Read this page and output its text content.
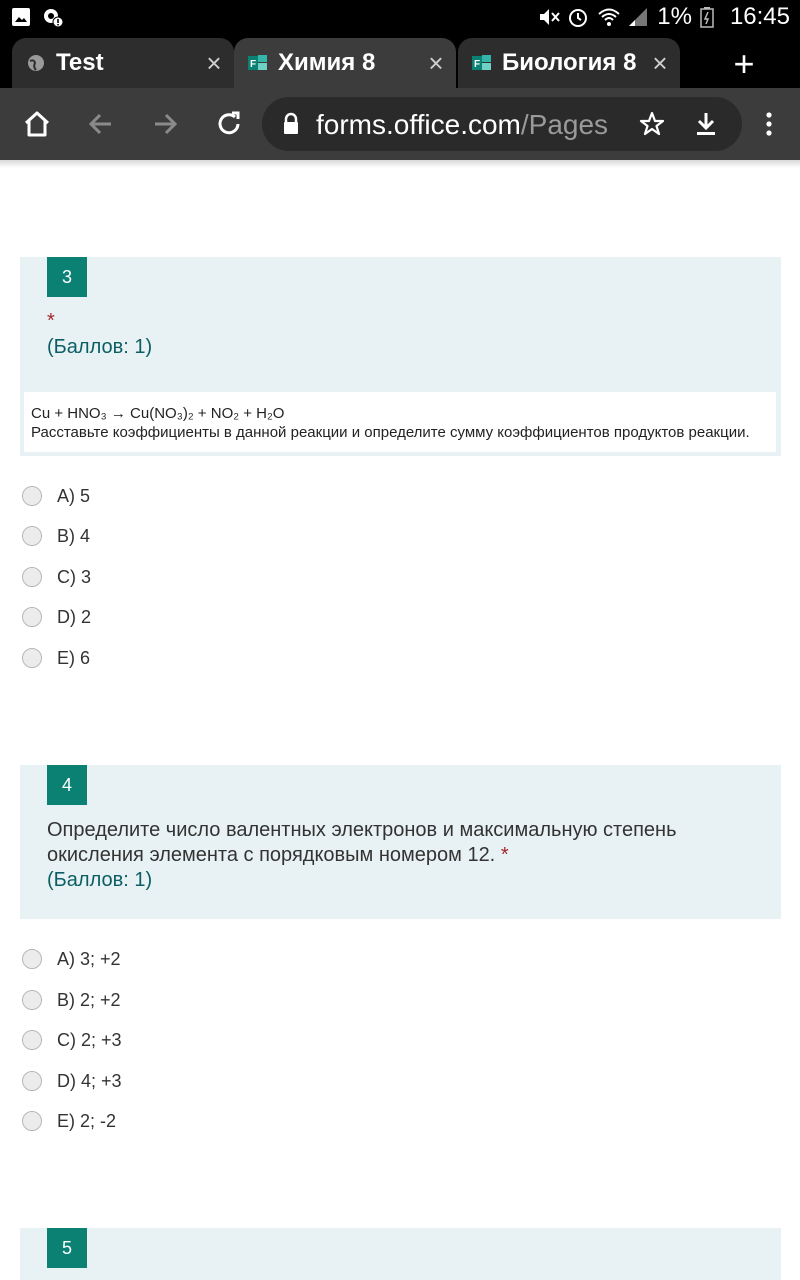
1% 16:45
Test	×	F Химия 8	×	F Биология 8 ×	+
forms.office.com/Pages
3
*
(Баллов: 1)
Cu + HNO₃ → Cu(NO₃)₂ + NO₂ + H₂O
Расставьте коэффициенты в данной реакции и определите сумму коэффициентов продуктов реакции.
A) 5
B) 4
C) 3
D) 2
E) 6
4
Определите число валентных электронов и максимальную степень
окисления элемента с порядковым номером 12. *
(Баллов: 1)
A) 3; +2
B) 2; +2
C) 2; +3
D) 4; +3
E) 2; -2
5
